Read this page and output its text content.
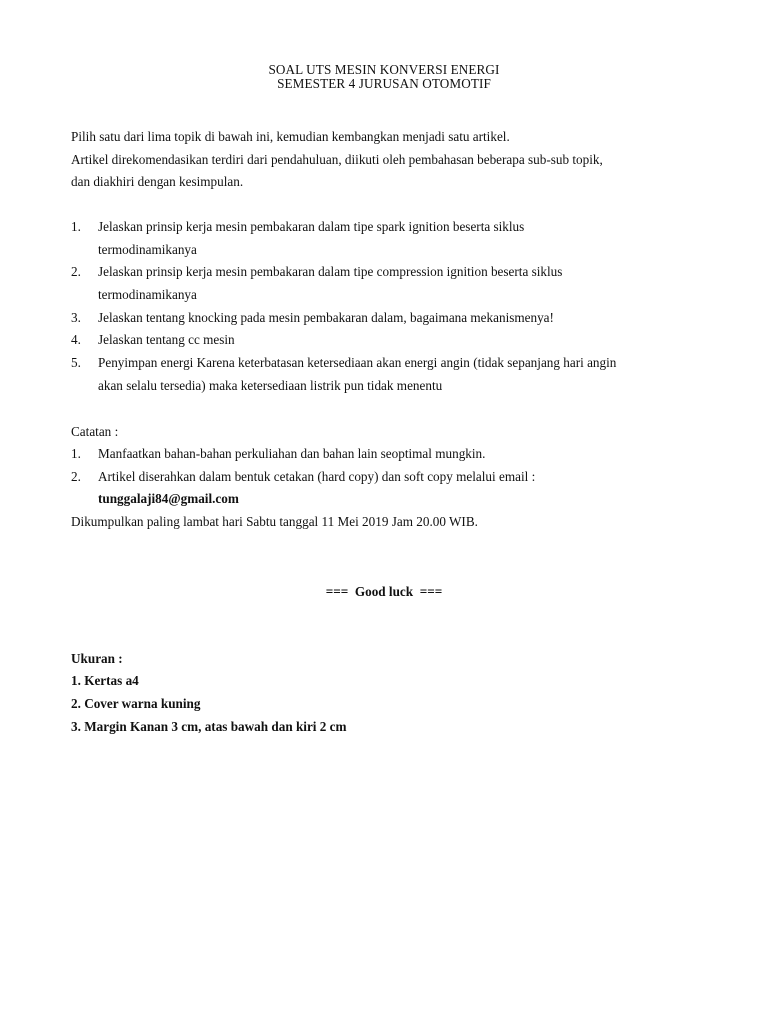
SOAL UTS MESIN KONVERSI ENERGI
SEMESTER 4 JURUSAN OTOMOTIF
Pilih satu dari lima topik di bawah ini, kemudian kembangkan menjadi satu artikel.
Artikel direkomendasikan terdiri dari pendahuluan, diikuti oleh pembahasan beberapa sub-sub topik,
dan diakhiri dengan kesimpulan.
1. Jelaskan prinsip kerja mesin pembakaran dalam tipe spark ignition beserta siklus
termodinamikanya
2. Jelaskan prinsip kerja mesin pembakaran dalam tipe compression ignition beserta siklus
termodinamikanya
3. Jelaskan tentang knocking pada mesin pembakaran dalam, bagaimana mekanismenya!
4. Jelaskan tentang cc mesin
5. Penyimpan energi Karena keterbatasan ketersediaan akan energi angin (tidak sepanjang hari angin
akan selalu tersedia) maka ketersediaan listrik pun tidak menentu
Catatan :
1. Manfaatkan bahan-bahan perkuliahan dan bahan lain seoptimal mungkin.
2. Artikel diserahkan dalam bentuk cetakan (hard copy) dan soft copy melalui email :
tunggalaji84@gmail.com
Dikumpulkan paling lambat hari Sabtu tanggal 11 Mei 2019 Jam 20.00 WIB.
===  Good luck  ===
Ukuran :
1. Kertas a4
2. Cover warna kuning
3. Margin Kanan 3 cm, atas bawah dan kiri 2 cm
